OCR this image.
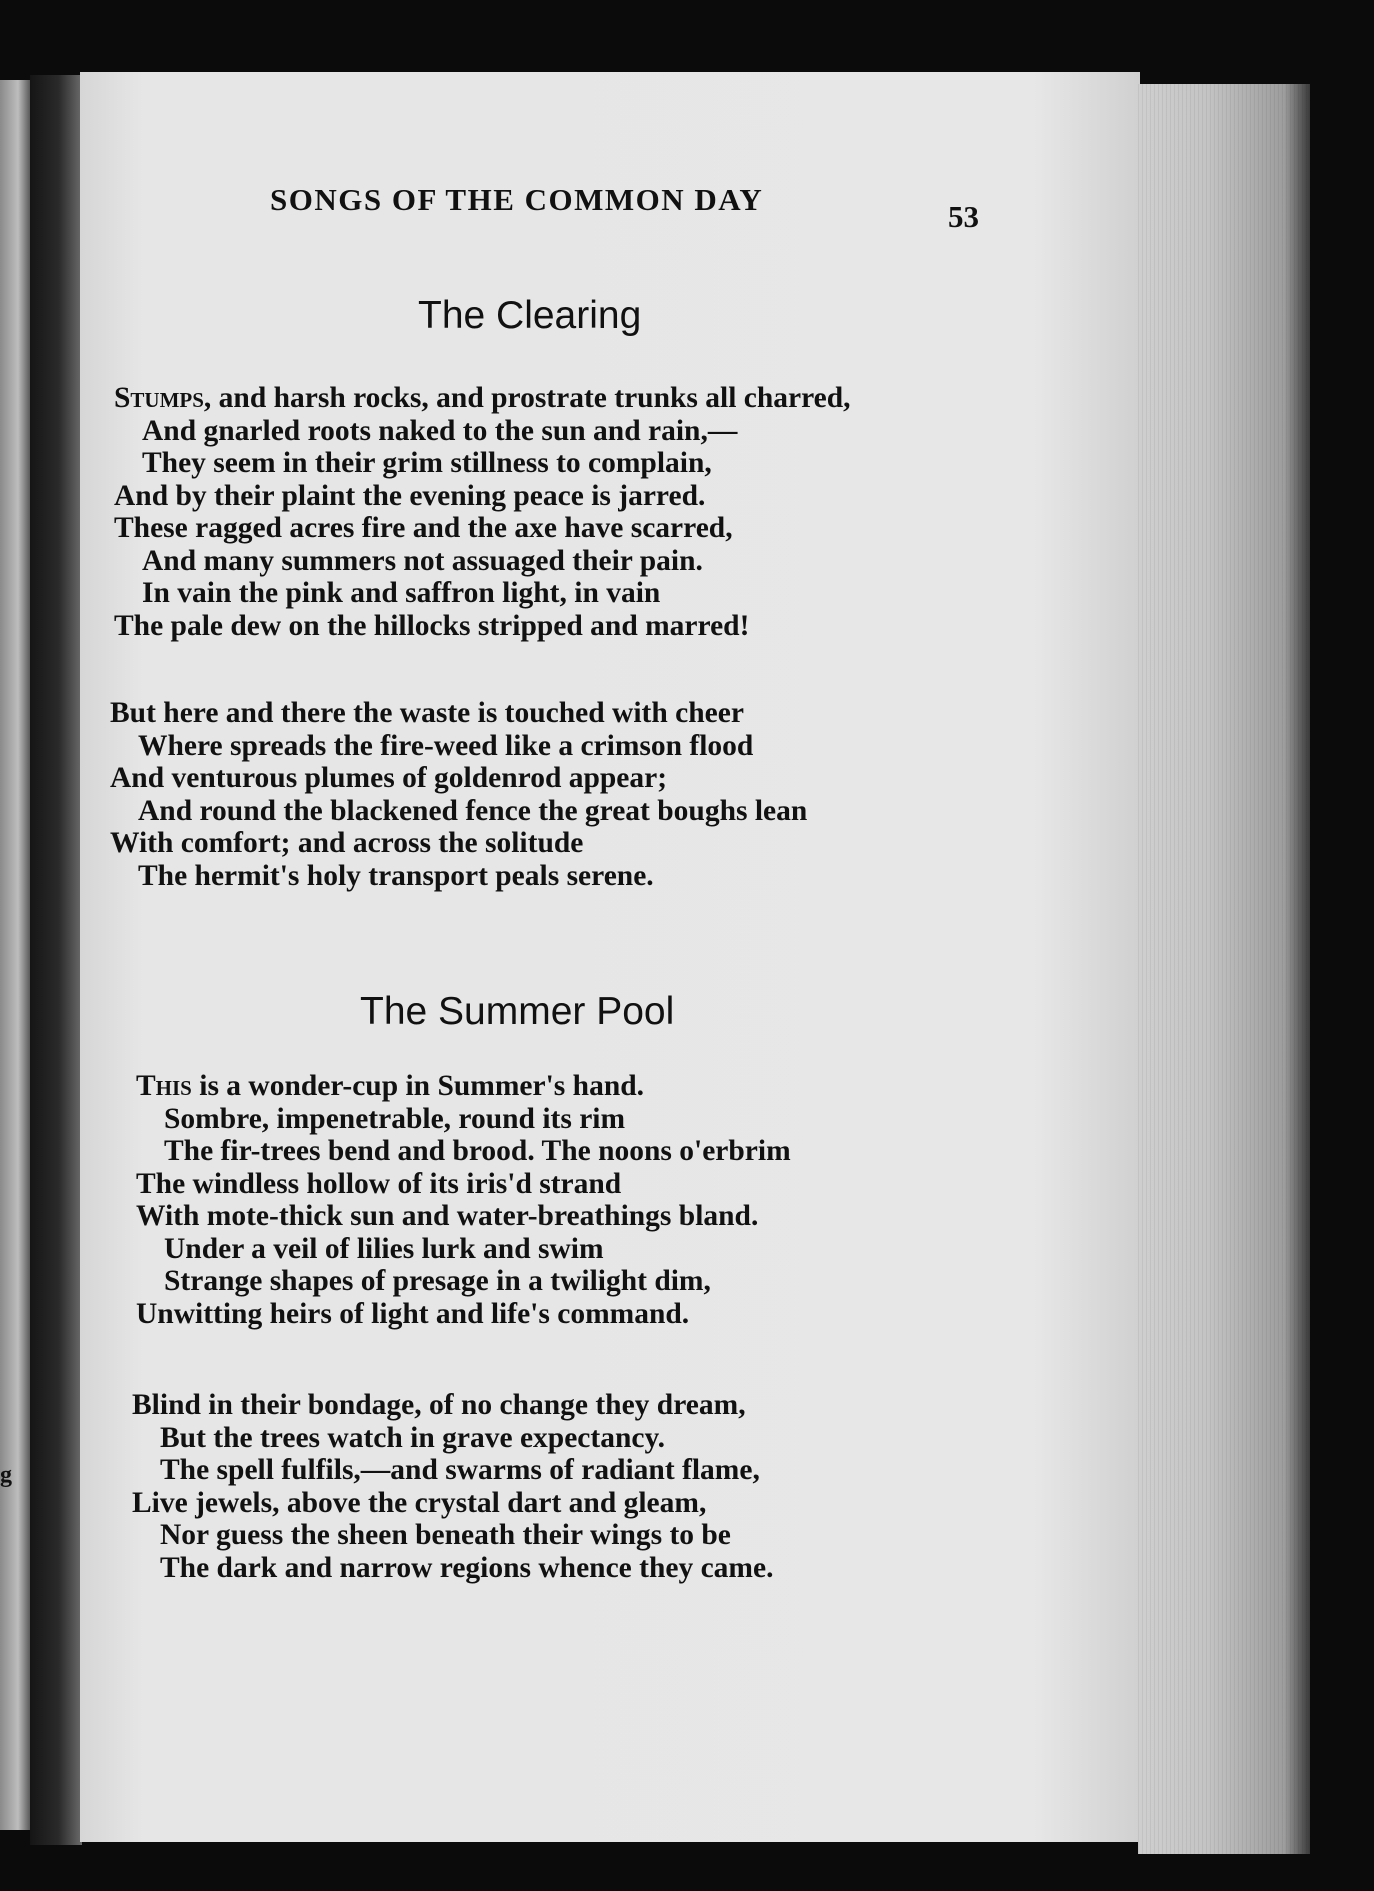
g
SONGS OF THE COMMON DAY	53
The Clearing
Stumps, and harsh rocks, and prostrate trunks all charred,
And gnarled roots naked to the sun and rain,—
They seem in their grim stillness to complain,
And by their plaint the evening peace is jarred.
These ragged acres fire and the axe have scarred,
And many summers not assuaged their pain.
In vain the pink and saffron light, in vain
The pale dew on the hillocks stripped and marred!
But here and there the waste is touched with cheer
Where spreads the fire-weed like a crimson flood
And venturous plumes of goldenrod appear;
And round the blackened fence the great boughs lean
With comfort; and across the solitude
The hermit's holy transport peals serene.
The Summer Pool
This is a wonder-cup in Summer's hand.
Sombre, impenetrable, round its rim
The fir-trees bend and brood. The noons o'erbrim
The windless hollow of its iris'd strand
With mote-thick sun and water-breathings bland.
Under a veil of lilies lurk and swim
Strange shapes of presage in a twilight dim,
Unwitting heirs of light and life's command.
Blind in their bondage, of no change they dream,
But the trees watch in grave expectancy.
The spell fulfils,—and swarms of radiant flame,
Live jewels, above the crystal dart and gleam,
Nor guess the sheen beneath their wings to be
The dark and narrow regions whence they came.
